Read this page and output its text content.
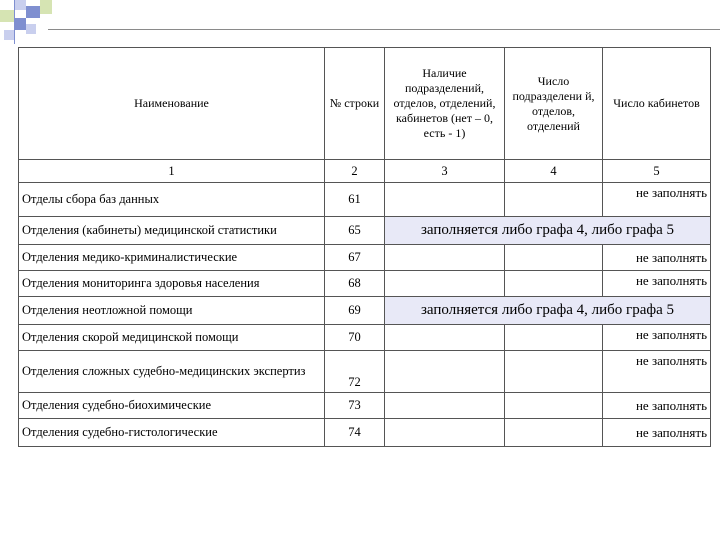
Наименование	№ строки	Наличие подразделений, отделов, отделений, кабинетов (нет – 0, есть - 1)	Число подразделени й, отделов, отделений	Число кабинетов
1	2	3	4	5
Отделы сбора баз данных	61			не заполнять
Отделения (кабинеты) медицинской статистики	65	заполняется либо графа 4, либо графа 5		
Отделения медико-криминалистические	67			не заполнять
Отделения мониторинга здоровья населения	68			не заполнять
Отделения неотложной помощи	69	заполняется либо графа 4, либо графа 5		
Отделения скорой медицинской помощи	70			не заполнять
Отделения сложных судебно-медицинских экспертиз	72			не заполнять
Отделения судебно-биохимические	73			не заполнять
Отделения судебно-гистологические	74			не заполнять
